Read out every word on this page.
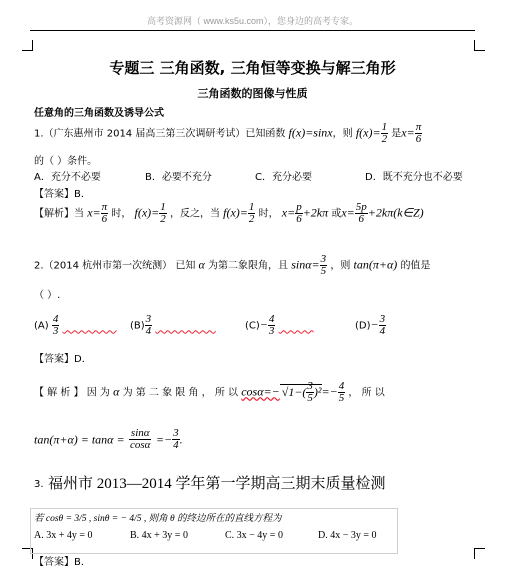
高考资源网（ www.ks5u.com），您身边的高考专家。
专题三 三角函数, 三角恒等变换与解三角形
三角函数的图像与性质
任意角的三角函数及诱导公式
1.（广东惠州市 2014 届高三第三次调研考试）已知函数 f(x)=sinx，则 $f(x)= \frac{1}{2}$ 是$x= \frac{\pi}{6}$
的（ ）条件。
A．充分不必要	B．必要不充分	C．充分必要	D．既不充分也不必要
【答案】B．
【解析】当 $x= \frac{\pi}{6}$ 时， $f(x)= \frac{1}{2}$ ，反之，当 $f(x)= \frac{1}{2}$ 时， $x= \frac{p}{6} +2k\pi$ 或$x= \frac{5p}{6}$ +2kπ(k∈Z)
2.（2014 杭州市第一次统测） 已知 α 为第二象限角，且 $\sin\alpha= \frac{3}{5}$ ，则 tan(π+α) 的值是
（ ）.
$(A) \frac{4}{3}$
	$(B) \frac{3}{4}$
	$(C)- \frac{4}{3}$
	$(D)- \frac{3}{4}$
【答案】D．
【 解 析 】 因 为 α 为 第 二 象 限 角 ， 所 以 $\cos\alpha=- √1-( \frac{3}{5} )^2=- \frac{4}{5}$ ， 所 以
$\tan(\pi+\alpha) = \tan\alpha = \frac{\sin\alpha}{\cos\alpha} =- \frac{3}{4}$ .
3. 福州市 2013—2014 学年第一学期高三期末质量检测
若 cosθ = 3/5 , sinθ = − 4/5 , 则角 θ 的终边所在的直线方程为
A. 3x + 4y = 0	B. 4x + 3y = 0	C. 3x − 4y = 0	D. 4x − 3y = 0
【答案】B．
